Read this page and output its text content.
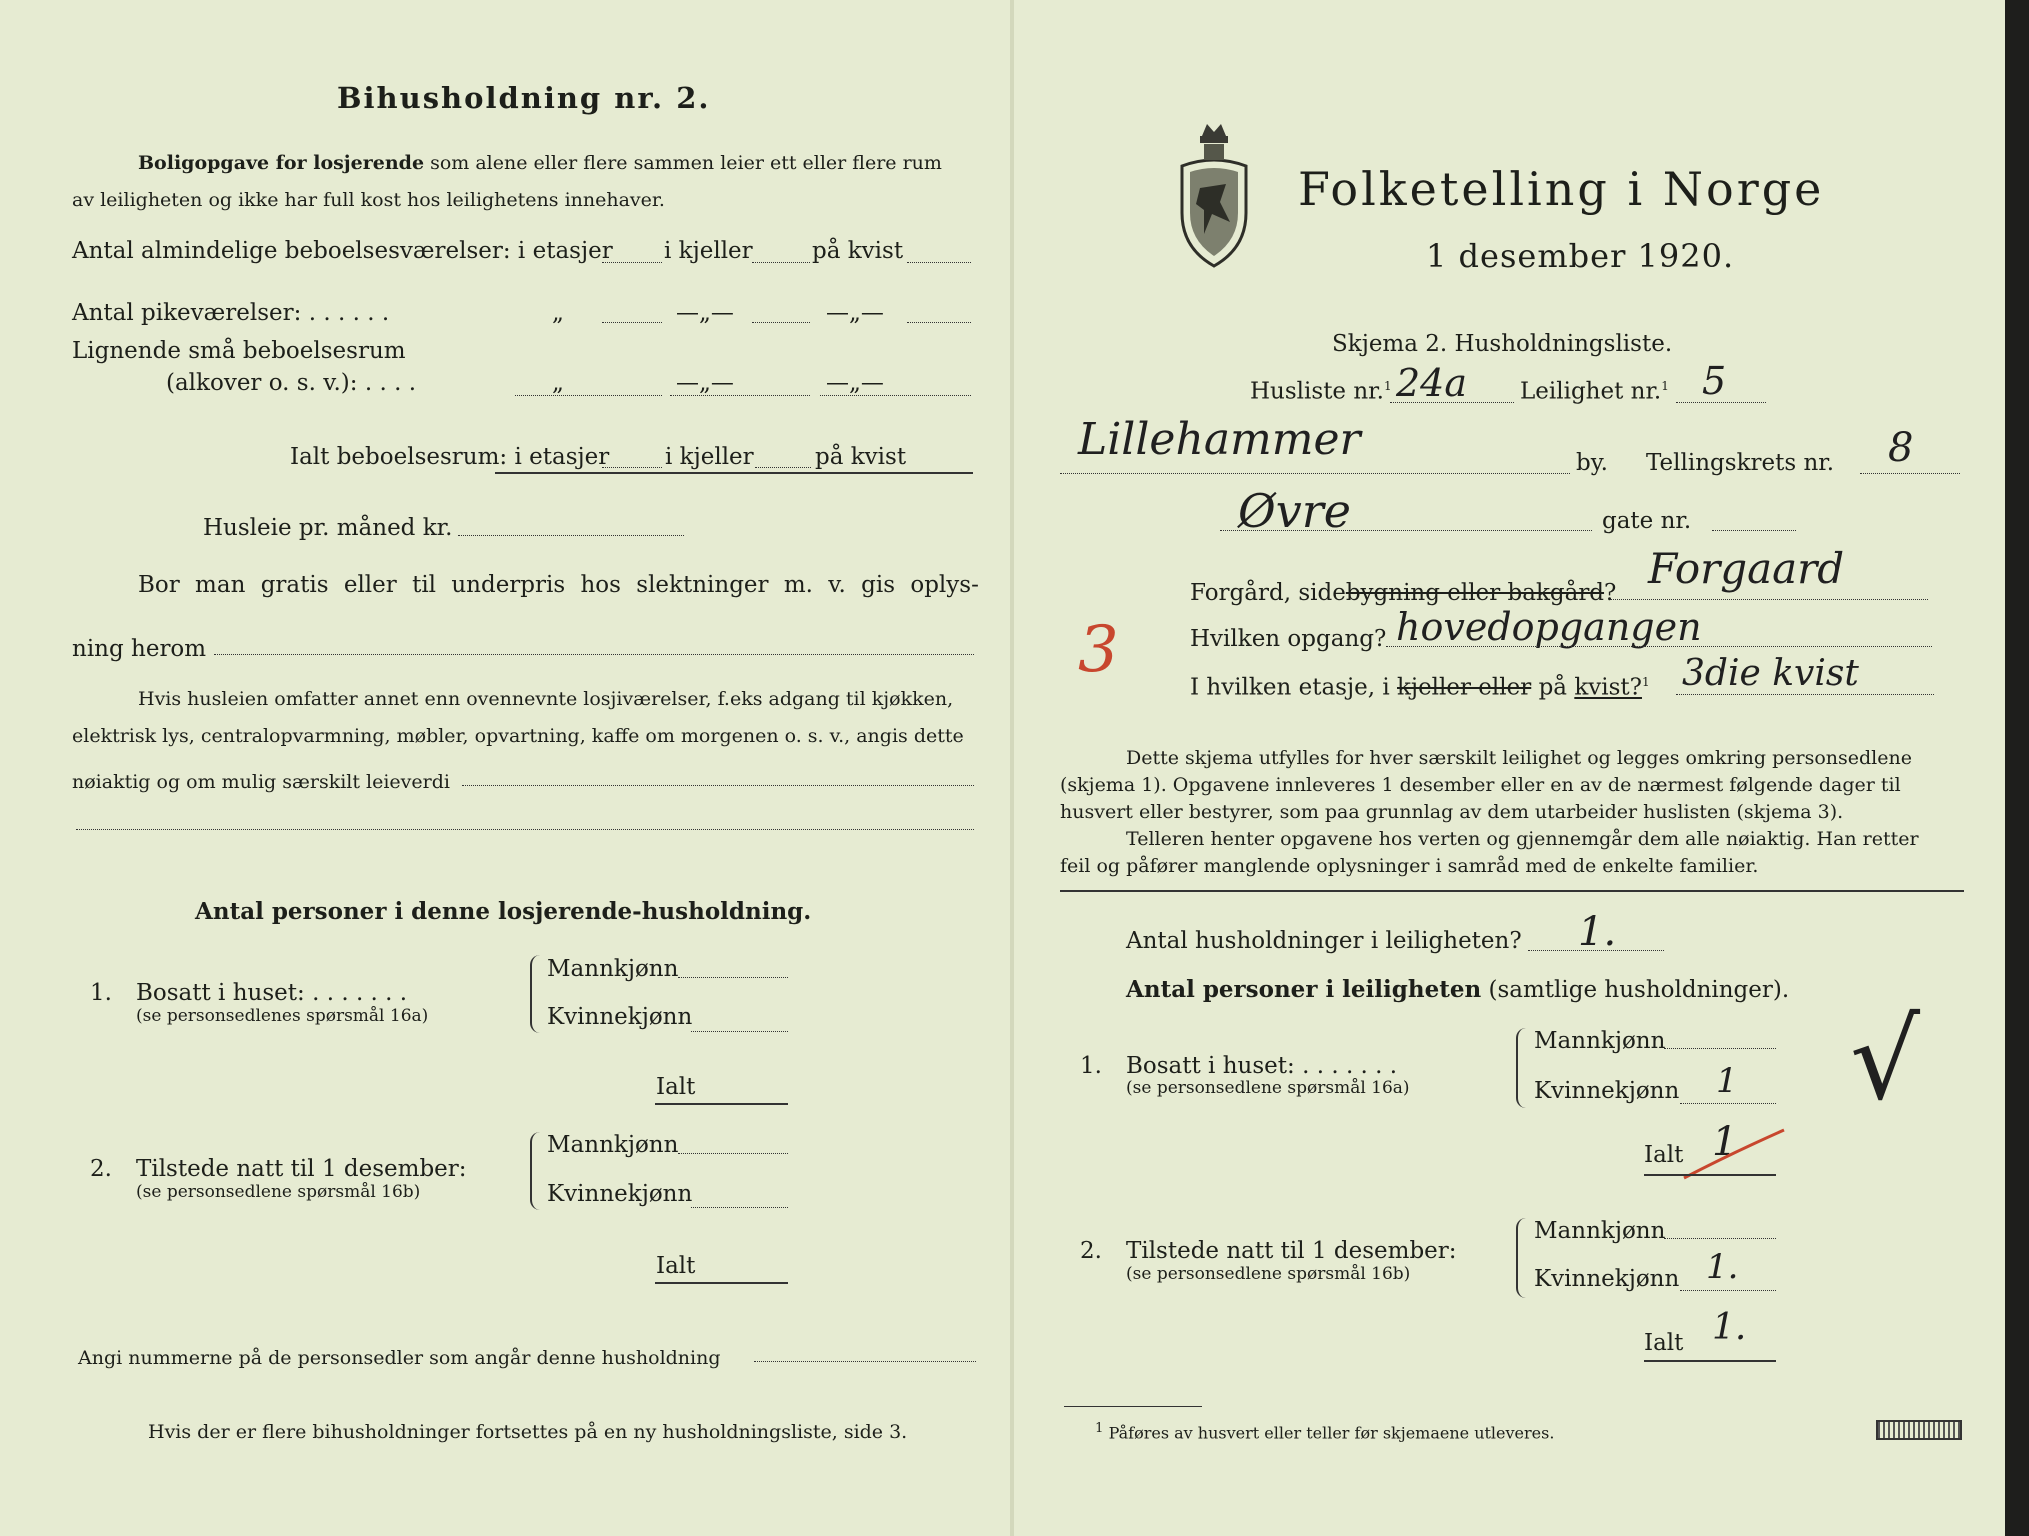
Bihusholdning nr. 2.
Boligopgave for losjerende som alene eller flere sammen leier ett eller flere rum
av leiligheten og ikke har full kost hos leilighetens innehaver.
Antal almindelige beboelsesværelser: i etasjer i kjeller	på kvist
Antal pikeværelser: . . . . . .	„	—„—	—„—
Lignende små beboelsesrum
(alkover o. s. v.): . . . .	„	—„—	—„—
Ialt beboelsesrum: i etasjer i kjeller	på kvist
Husleie pr. måned kr.
Bor man gratis eller til underpris hos slektninger m. v. gis oplys-
ning herom
Hvis husleien omfatter annet enn ovennevnte losjiværelser, f.eks adgang til kjøkken,
elektrisk lys, centralopvarmning, møbler, opvartning, kaffe om morgenen o. s. v., angis dette
nøiaktig og om mulig særskilt leieverdi
Antal personer i denne losjerende-husholdning.
1. Bosatt i huset: . . . . . . .
(se personsedlenes spørsmål 16a)
Mannkjønn
Kvinnekjønn
Ialt
2. Tilstede natt til 1 desember:
(se personsedlene spørsmål 16b)
Mannkjønn
Kvinnekjønn
Ialt
Angi nummerne på de personsedler som angår denne husholdning
Hvis der er flere bihusholdninger fortsettes på en ny husholdningsliste, side 3.
Folketelling i Norge
1 desember 1920.
Skjema 2. Husholdningsliste.
Husliste nr.$^1$ 24a Leilighet nr.$^1$ 5
Lillehammer	by. Tellingskrets nr. 8
Øvre	gate nr.
Forgård, sidebygning eller bakgård? Forgaard
Hvilken opgang? hovedopgangen
3
I hvilken etasje, i kjeller eller på kvist?$^1$ 3die kvist
Dette skjema utfylles for hver særskilt leilighet og legges omkring personsedlene
(skjema 1). Opgavene innleveres 1 desember eller en av de nærmest følgende dager til
husvert eller bestyrer, som paa grunnlag av dem utarbeider huslisten (skjema 3).
Telleren henter opgavene hos verten og gjennemgår dem alle nøiaktig. Han retter
feil og påfører manglende oplysninger i samråd med de enkelte familier.
Antal husholdninger i leiligheten? 1.
Antal personer i leiligheten (samtlige husholdninger).
1. Bosatt i huset: . . . . . . .
(se personsedlene spørsmål 16a)
Mannkjønn
Kvinnekjønn 1
Ialt 1
√
2. Tilstede natt til 1 desember:
(se personsedlene spørsmål 16b)
Mannkjønn
Kvinnekjønn 1.
Ialt 1.
$^1$ Påføres av husvert eller teller før skjemaene utleveres.
